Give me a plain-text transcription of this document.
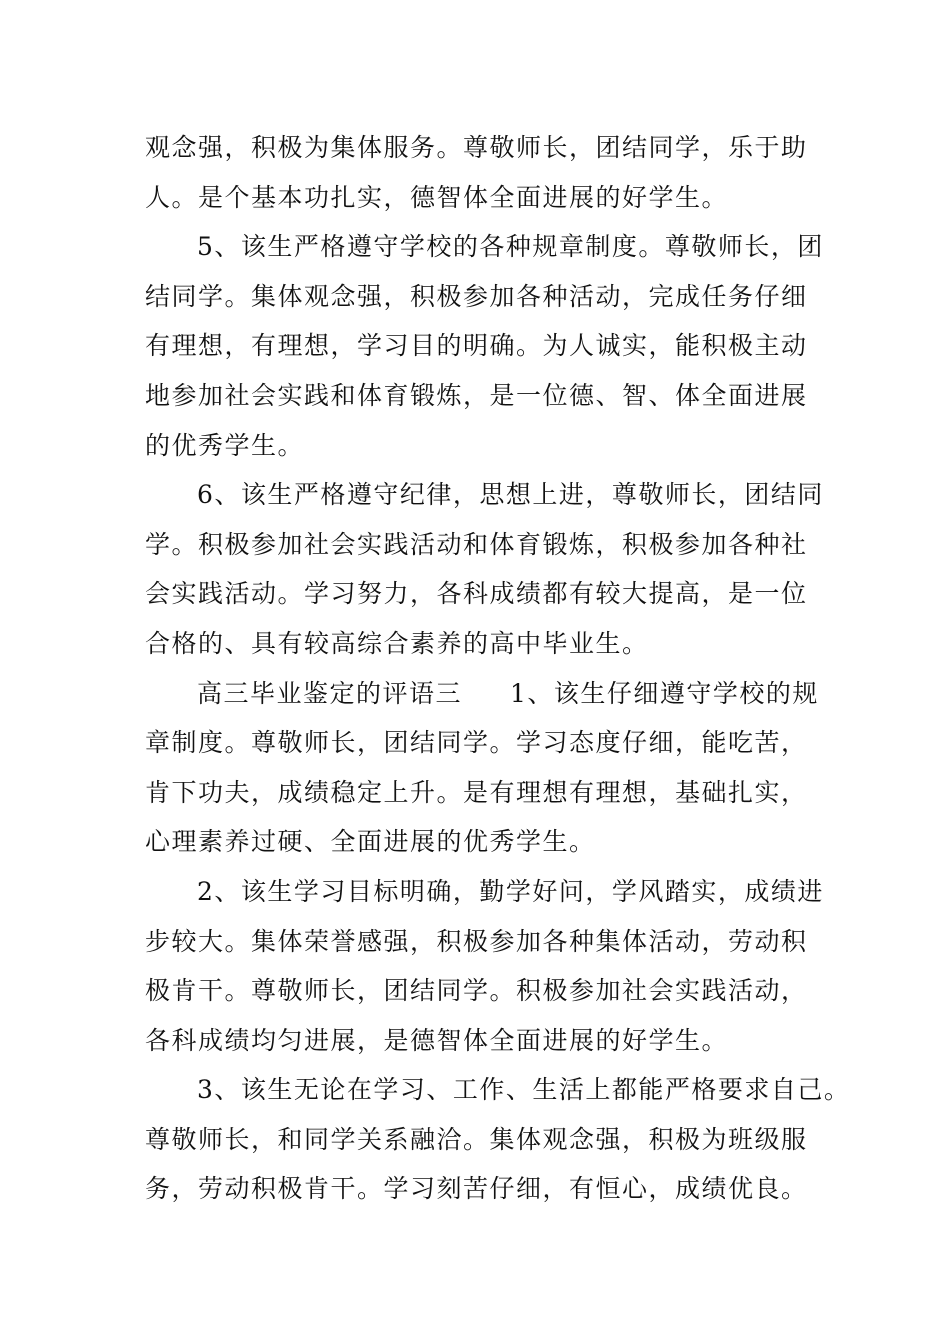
观念强，积极为集体服务。尊敬师长，团结同学，乐于助
人。是个基本功扎实，德智体全面进展的好学生。
5、该生严格遵守学校的各种规章制度。尊敬师长，团
结同学。集体观念强，积极参加各种活动，完成任务仔细
有理想，有理想，学习目的明确。为人诚实，能积极主动
地参加社会实践和体育锻炼，是一位德、智、体全面进展
的优秀学生。
6、该生严格遵守纪律，思想上进，尊敬师长，团结同
学。积极参加社会实践活动和体育锻炼，积极参加各种社
会实践活动。学习努力，各科成绩都有较大提高，是一位
合格的、具有较高综合素养的高中毕业生。
高三毕业鉴定的评语三 1、该生仔细遵守学校的规
章制度。尊敬师长，团结同学。学习态度仔细，能吃苦，
肯下功夫，成绩稳定上升。是有理想有理想，基础扎实，
心理素养过硬、全面进展的优秀学生。
2、该生学习目标明确，勤学好问，学风踏实，成绩进
步较大。集体荣誉感强，积极参加各种集体活动，劳动积
极肯干。尊敬师长，团结同学。积极参加社会实践活动，
各科成绩均匀进展，是德智体全面进展的好学生。
3、该生无论在学习、工作、生活上都能严格要求自己。
尊敬师长，和同学关系融洽。集体观念强，积极为班级服
务，劳动积极肯干。学习刻苦仔细，有恒心，成绩优良。
